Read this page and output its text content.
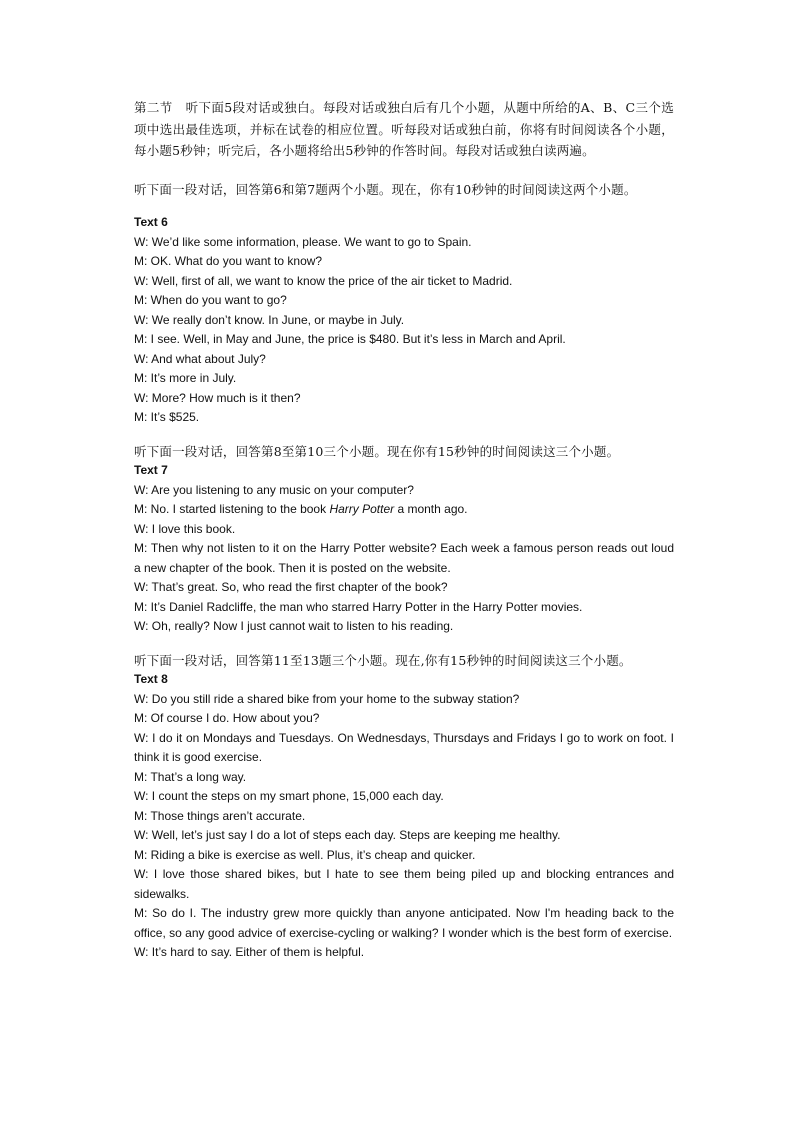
第二节　听下面5段对话或独白。每段对话或独白后有几个小题，从题中所给的A、B、C三个选项中选出最佳选项，并标在试卷的相应位置。听每段对话或独白前，你将有时间阅读各个小题，每小题5秒钟；听完后，各小题将给出5秒钟的作答时间。每段对话或独白读两遍。

听下面一段对话，回答第6和第7题两个小题。现在，你有10秒钟的时间阅读这两个小题。

Text 6

W: We’d like some information, please. We want to go to Spain.

M: OK. What do you want to know?

W: Well, first of all, we want to know the price of the air ticket to Madrid.

M: When do you want to go?

W: We really don’t know. In June, or maybe in July.

M: I see. Well, in May and June, the price is $480. But it’s less in March and April.

W: And what about July?

M: It’s more in July.

W: More? How much is it then?

M: It’s $525.

听下面一段对话，回答第8至第10三个小题。现在你有15秒钟的时间阅读这三个小题。

Text 7

W: Are you listening to any music on your computer?

M: No. I started listening to the book Harry Potter a month ago.

W: I love this book.

M: Then why not listen to it on the Harry Potter website? Each week a famous person reads out loud a new chapter of the book. Then it is posted on the website.

W: That’s great. So, who read the first chapter of the book?

M: It’s Daniel Radcliffe, the man who starred Harry Potter in the Harry Potter movies.

W: Oh, really? Now I just cannot wait to listen to his reading.

听下面一段对话，回答第11至13题三个小题。现在,你有15秒钟的时间阅读这三个小题。

Text 8

W: Do you still ride a shared bike from your home to the subway station?

M: Of course I do. How about you?

W: I do it on Mondays and Tuesdays. On Wednesdays, Thursdays and Fridays I go to work on foot. I think it is good exercise.

M: That’s a long way.

W: I count the steps on my smart phone, 15,000 each day.

M: Those things aren’t accurate.

W: Well, let’s just say I do a lot of steps each day. Steps are keeping me healthy.

M: Riding a bike is exercise as well. Plus, it’s cheap and quicker.

W: I love those shared bikes, but I hate to see them being piled up and blocking entrances and sidewalks.

M: So do I. The industry grew more quickly than anyone anticipated. Now I'm heading back to the office, so any good advice of exercise-cycling or walking? I wonder which is the best form of exercise.

W: It’s hard to say. Either of them is helpful.
